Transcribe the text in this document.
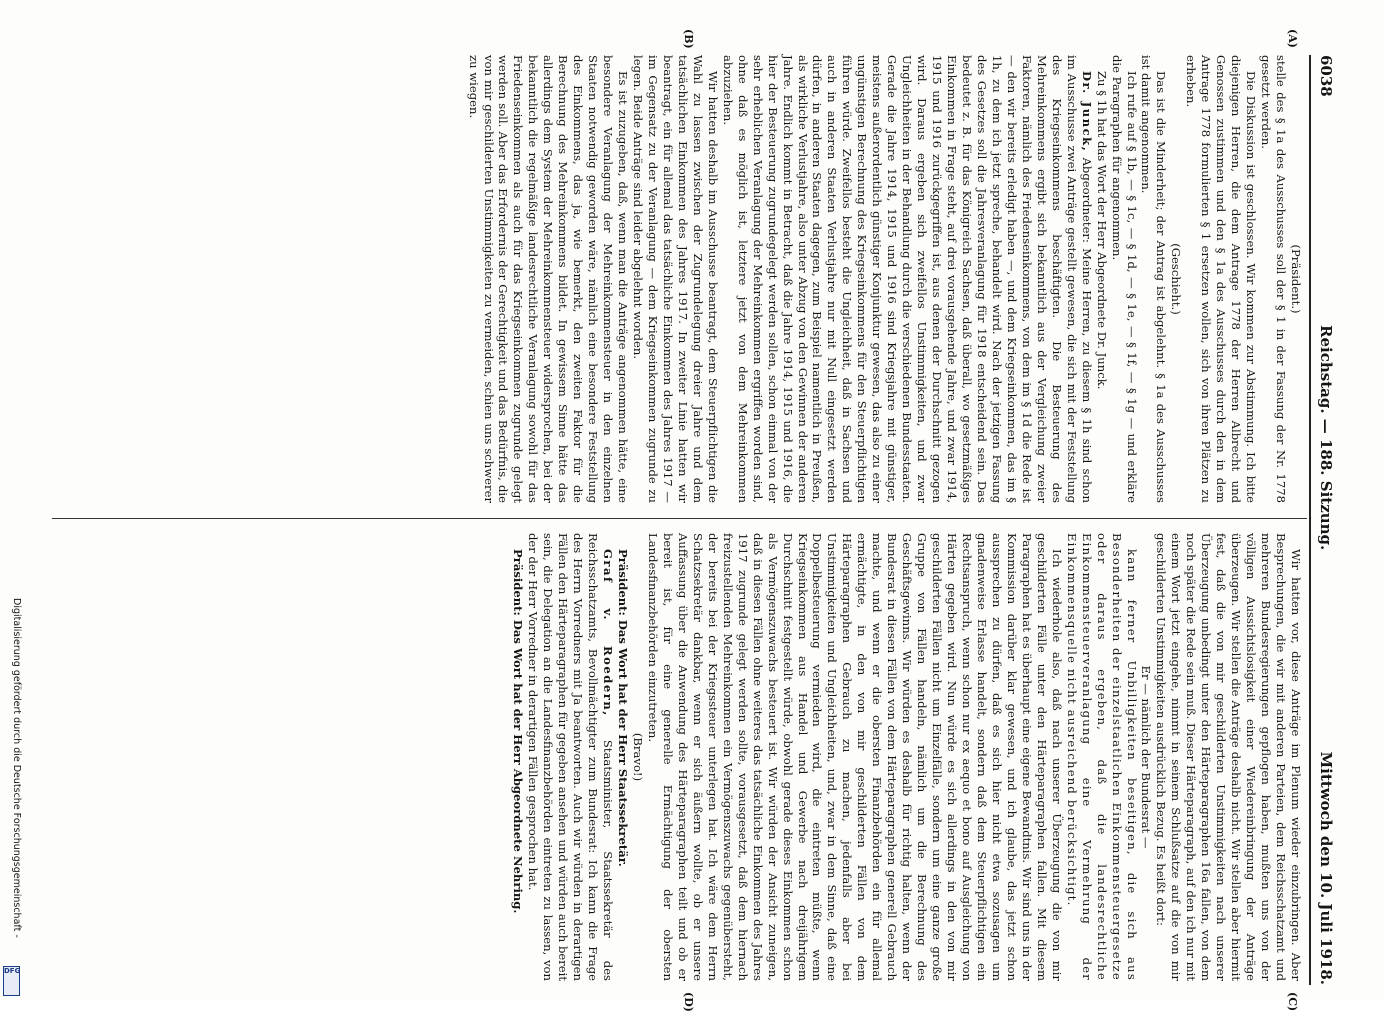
6038
Reichstag. — 188. Sitzung.
Mittwoch den 10. Juli 1918.
(A)
(B)
(C)
(D)

(Präsident.)

stelle des § 1a des Ausschusses soll der § 1 in der Fassung der Nr. 1778 gesetzt werden.

Die Diskussion ist geschlossen. Wir kommen zur Abstimmung. Ich bitte diejenigen Herren, die dem Antrage 1778 der Herren Albrecht und Genossen zustimmen und den § 1a des Ausschusses durch den in dem Antrage 1778 formulierten § 1 ersetzen wollen, sich von ihren Plätzen zu erheben.

(Geschieht.)

Das ist die Minderheit; der Antrag ist abgelehnt. § 1a des Ausschusses ist damit angenommen.

Ich rufe auf § 1b, — § 1c, — § 1d, — § 1e, — § 1f, — § 1g — und erkläre die Paragraphen für angenommen.

Zu § 1h hat das Wort der Herr Abgeordnete Dr. Junck.

Dr. Junck, Abgeordneter: Meine Herren, zu diesem § 1h sind schon im Ausschusse zwei Anträge gestellt gewesen, die sich mit der Feststellung des Kriegseinkommens beschäftigten. Die Besteuerung des Mehreinkommens ergibt sich bekanntlich aus der Vergleichung zweier Faktoren, nämlich des Friedenseinkommens, von dem im § 1d die Rede ist — den wir bereits erledigt haben —, und dem Kriegseinkommen, das im § 1h, zu dem ich jetzt spreche, behandelt wird. Nach der jetzigen Fassung des Gesetzes soll die Jahresveranlagung für 1918 entscheidend sein. Das bedeutet z. B. für das Königreich Sachsen, daß überall, wo gesetzmäßiges Einkommen in Frage steht, auf drei vorausgehende Jahre, und zwar 1914, 1915 und 1916 zurückgegriffen ist, aus denen der Durchschnitt gezogen wird. Daraus ergeben sich zweifellos Unstimmigkeiten, und zwar Ungleichheiten in der Behandlung durch die verschiedenen Bundesstaaten. Gerade die Jahre 1914, 1915 und 1916 sind Kriegsjahre mit günstiger, meistens außerordentlich günstiger Konjunktur gewesen, das also zu einer ungünstigen Berechnung des Kriegseinkommens für den Steuerpflichtigen führen würde. Zweifellos besteht die Ungleichheit, daß in Sachsen und auch in anderen Staaten Verlustjahre nur mit Null eingesetzt werden dürfen, in anderen Staaten dagegen, zum Beispiel namentlich in Preußen, als wirkliche Verlustjahre, also unter Abzug von den Gewinnen der anderen Jahre. Endlich kommt in Betracht, daß die Jahre 1914, 1915 und 1916, die hier der Besteuerung zugrundegelegt werden sollen, schon einmal von der sehr erheblichen Veranlagung der Mehreinkommen ergriffen worden sind, ohne daß es möglich ist, letztere jetzt von dem Mehreinkommen abzuziehen.

Wir hatten deshalb im Ausschusse beantragt, dem Steuerpflichtigen die Wahl zu lassen zwischen der Zugrundelegung dreier Jahre und dem tatsächlichen Einkommen des Jahres 1917. In zweiter Linie hatten wir beantragt, ein für allemal das tatsächliche Einkommen des Jahres 1917 — im Gegensatz zu der Veranlagung — dem Kriegseinkommen zugrunde zu legen. Beide Anträge sind leider abgelehnt worden.

Es ist zuzugeben, daß, wenn man die Anträge angenommen hätte, eine besondere Veranlagung der Mehreinkommensteuer in den einzelnen Staaten notwendig geworden wäre, nämlich eine besondere Feststellung des Einkommens, das ja, wie bemerkt, den zweiten Faktor für die Berechnung des Mehreinkommens bildet. In gewissem Sinne hätte das allerdings dem System der Mehreinkommensteuer widersprochen, bei der bekanntlich die regelmäßige landesrechtliche Veranlagung sowohl für das Friedenseinkommen als auch für das Kriegseinkommen zugrunde gelegt werden soll. Aber das Erfordernis der Gerechtigkeit und das Bedürfnis, die von mir geschilderten Unstimmigkeiten zu vermeiden, schien uns schwerer zu wiegen.

Wir hatten vor, diese Anträge im Plenum wieder einzubringen. Aber Besprechungen, die wir mit anderen Parteien, dem Reichsschatzamt und mehreren Bundesregierungen gepflogen haben, mußten uns von der völligen Aussichtslosigkeit einer Wiedereinbringung der Anträge überzeugen. Wir stellen die Anträge deshalb nicht. Wir stellen aber hiermit fest, daß die von mir geschilderten Unstimmigkeiten nach unserer Überzeugung unbedingt unter den Härteparagraphen 16a fallen, von dem noch später die Rede sein muß. Dieser Härteparagraph, auf den ich nur mit einem Wort jetzt eingehe, nimmt in seinem Schlußsatze auf die von mir geschilderten Unstimmigkeiten ausdrücklich Bezug. Es heißt dort:

Er — nämlich der Bundesrat —

kann ferner Unbilligkeiten beseitigen, die sich aus Besonderheiten der einzelstaatlichen Einkommensteuergesetze oder daraus ergeben, daß die landesrechtliche Einkommensteuerveranlagung eine Vermehrung der Einkommensquelle nicht ausreichend berücksichtigt.

Ich wiederhole also, daß nach unserer Überzeugung die von mir geschilderten Fälle unter den Härteparagraphen fallen. Mit diesem Paragraphen hat es überhaupt eine eigene Bewandtnis. Wir sind uns in der Kommission darüber klar gewesen, und ich glaube, das jetzt schon aussprechen zu dürfen, daß es sich hier nicht etwa sozusagen um gnadenweise Erlasse handelt, sondern daß dem Steuerpflichtigen ein Rechtsanspruch, wenn schon nur ex aequo et bono auf Ausgleichung von Härten gegeben wird. Nun würde es sich allerdings in den von mir geschilderten Fällen nicht um Einzelfälle, sondern um eine ganze große Gruppe von Fällen handeln, nämlich um die Berechnung des Geschäftsgewinns. Wir würden es deshalb für richtig halten, wenn der Bundesrat in diesen Fällen von dem Härteparagraphen generell Gebrauch machte, und wenn er die obersten Finanzbehörden ein für allemal ermächtigte, in den von mir geschilderten Fällen von dem Härteparagraphen Gebrauch zu machen, jedenfalls aber bei Unstimmigkeiten und Ungleichheiten, und, zwar in dem Sinne, daß eine Doppelbesteuerung vermieden wird, die eintreten müßte, wenn Kriegseinkommen aus Handel und Gewerbe nach dreijährigem Durchschnitt festgestellt würde, obwohl gerade dieses Einkommen schon als Vermögenszuwachs besteuert ist. Wir würden der Ansicht zuneigen, daß in diesen Fällen ohne weiteres das tatsächliche Einkommen des Jahres 1917 zugrunde gelegt werden sollte, vorausgesetzt, daß dem hiernach freizustellenden Mehreinkommen ein Vermögenszuwachs gegenübersteht, der bereits bei der Kriegssteuer unterlegen hat. Ich wäre dem Herrn Schatzsekretär dankbar, wenn er sich äußern wollte, ob er unsere Auffassung über die Anwendung des Härteparagraphen teilt und ob er bereit ist, für eine generelle Ermächtigung der obersten Landesfinanzbehörden einzutreten.

(Bravo!)

Präsident: Das Wort hat der Herr Staatssekretär.

Graf v. Roedern, Staatsminister, Staatssekretär des Reichsschatzamts, Bevollmächtigter zum Bundesrat: Ich kann die Frage des Herrn Vorredners mit Ja beantworten. Auch wir würden in derartigen Fällen den Härteparagraphen für gegeben ansehen und würden auch bereit sein, die Delegation an die Landesfinanzbehörden eintreten zu lassen, von der der Herr Vorredner in derartigen Fällen gesprochen hat.

Präsident: Das Wort hat der Herr Abgeordnete Nehring.

Digitalisierung gefördert durch die Deutsche Forschungsgemeinschaft -
DFG
